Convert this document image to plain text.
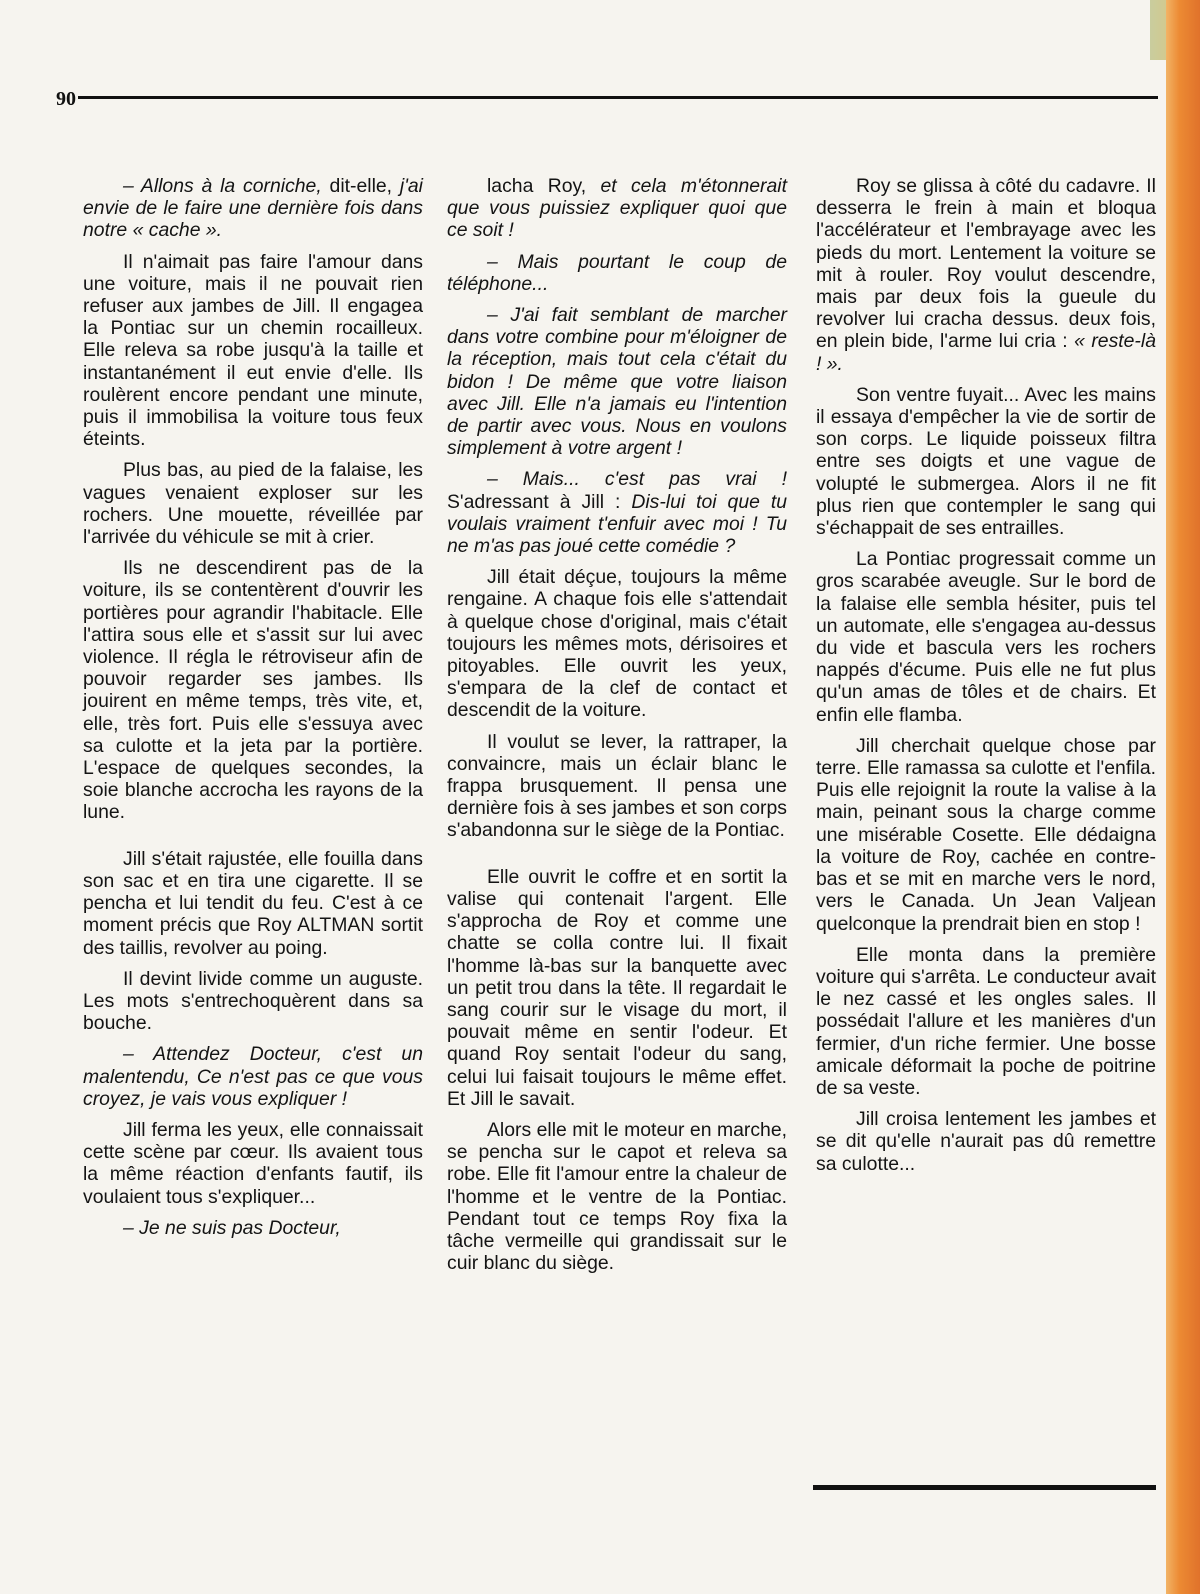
90

– Allons à la corniche, dit-elle, j'ai envie de le faire une dernière fois dans notre « cache ».

Il n'aimait pas faire l'amour dans une voiture, mais il ne pouvait rien refuser aux jambes de Jill. Il engagea la Pontiac sur un chemin rocailleux. Elle releva sa robe jusqu'à la taille et instantanément il eut envie d'elle. Ils roulèrent encore pendant une minute, puis il immobilisa la voiture tous feux éteints.

Plus bas, au pied de la falaise, les vagues venaient exploser sur les rochers. Une mouette, réveillée par l'arrivée du véhicule se mit à crier.

Ils ne descendirent pas de la voiture, ils se contentèrent d'ouvrir les portières pour agrandir l'habitacle. Elle l'attira sous elle et s'assit sur lui avec violence. Il régla le rétroviseur afin de pouvoir regarder ses jambes. Ils jouirent en même temps, très vite, et, elle, très fort. Puis elle s'essuya avec sa culotte et la jeta par la portière. L'espace de quelques secondes, la soie blanche accrocha les rayons de la lune.

Jill s'était rajustée, elle fouilla dans son sac et en tira une cigarette. Il se pencha et lui tendit du feu. C'est à ce moment précis que Roy ALTMAN sortit des taillis, revolver au poing.

Il devint livide comme un auguste. Les mots s'entrechoquèrent dans sa bouche.

– Attendez Docteur, c'est un malentendu, Ce n'est pas ce que vous croyez, je vais vous expliquer !

Jill ferma les yeux, elle connaissait cette scène par cœur. Ils avaient tous la même réaction d'enfants fautif, ils voulaient tous s'expliquer...

– Je ne suis pas Docteur,

lacha Roy, et cela m'étonnerait que vous puissiez expliquer quoi que ce soit !

– Mais pourtant le coup de téléphone...

– J'ai fait semblant de marcher dans votre combine pour m'éloigner de la réception, mais tout cela c'était du bidon ! De même que votre liaison avec Jill. Elle n'a jamais eu l'intention de partir avec vous. Nous en voulons simplement à votre argent !

– Mais... c'est pas vrai ! S'adressant à Jill : Dis-lui toi que tu voulais vraiment t'enfuir avec moi ! Tu ne m'as pas joué cette comédie ?

Jill était déçue, toujours la même rengaine. A chaque fois elle s'attendait à quelque chose d'original, mais c'était toujours les mêmes mots, dérisoires et pitoyables. Elle ouvrit les yeux, s'empara de la clef de contact et descendit de la voiture.

Il voulut se lever, la rattraper, la convaincre, mais un éclair blanc le frappa brusquement. Il pensa une dernière fois à ses jambes et son corps s'abandonna sur le siège de la Pontiac.

Elle ouvrit le coffre et en sortit la valise qui contenait l'argent. Elle s'approcha de Roy et comme une chatte se colla contre lui. Il fixait l'homme là-bas sur la banquette avec un petit trou dans la tête. Il regardait le sang courir sur le visage du mort, il pouvait même en sentir l'odeur. Et quand Roy sentait l'odeur du sang, celui lui faisait toujours le même effet. Et Jill le savait.

Alors elle mit le moteur en marche, se pencha sur le capot et releva sa robe. Elle fit l'amour entre la chaleur de l'homme et le ventre de la Pontiac. Pendant tout ce temps Roy fixa la tâche vermeille qui grandissait sur le cuir blanc du siège.

Roy se glissa à côté du cadavre. Il desserra le frein à main et bloqua l'accélérateur et l'embrayage avec les pieds du mort. Lentement la voiture se mit à rouler. Roy voulut descendre, mais par deux fois la gueule du revolver lui cracha dessus. deux fois, en plein bide, l'arme lui cria : « reste-là ! ».

Son ventre fuyait... Avec les mains il essaya d'empêcher la vie de sortir de son corps. Le liquide poisseux filtra entre ses doigts et une vague de volupté le submergea. Alors il ne fit plus rien que contempler le sang qui s'échappait de ses entrailles.

La Pontiac progressait comme un gros scarabée aveugle. Sur le bord de la falaise elle sembla hésiter, puis tel un automate, elle s'engagea au-dessus du vide et bascula vers les rochers nappés d'écume. Puis elle ne fut plus qu'un amas de tôles et de chairs. Et enfin elle flamba.

Jill cherchait quelque chose par terre. Elle ramassa sa culotte et l'enfila. Puis elle rejoignit la route la valise à la main, peinant sous la charge comme une misérable Cosette. Elle dédaigna la voiture de Roy, cachée en contre-bas et se mit en marche vers le nord, vers le Canada. Un Jean Valjean quelconque la prendrait bien en stop !

Elle monta dans la première voiture qui s'arrêta. Le conducteur avait le nez cassé et les ongles sales. Il possédait l'allure et les manières d'un fermier, d'un riche fermier. Une bosse amicale déformait la poche de poitrine de sa veste.

Jill croisa lentement les jambes et se dit qu'elle n'aurait pas dû remettre sa culotte...
